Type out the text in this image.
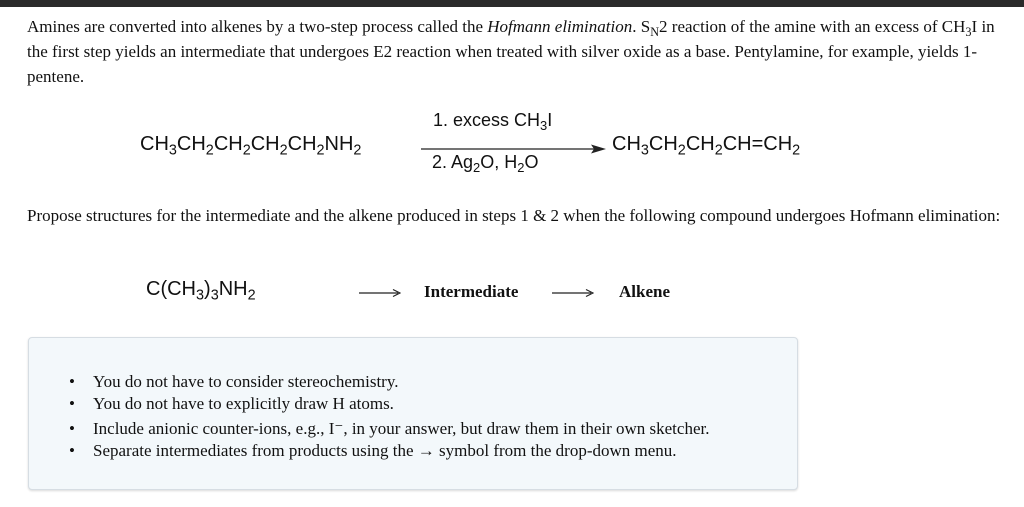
Amines are converted into alkenes by a two-step process called the Hofmann elimination. $S_N2$ reaction of the amine with an excess of $CH_3I$ in the first step yields an intermediate that undergoes E2 reaction when treated with silver oxide as a base. Pentylamine, for example, yields 1-pentene.
$CH_3CH_2CH_2CH_2CH_2NH_2$
1. excess $CH_3I$
2. $Ag_2O$, $H_2O$
$CH_3CH_2CH_2CH=CH_2$
Propose structures for the intermediate and the alkene produced in steps 1 & 2 when the following compound undergoes Hofmann elimination:
$C(CH_3)_3NH_2$	Intermediate	Alkene
• You do not have to consider stereochemistry.
• You do not have to explicitly draw H atoms.
• Include anionic counter-ions, e.g., I⁻, in your answer, but draw them in their own sketcher.
• Separate intermediates from products using the → symbol from the drop-down menu.
